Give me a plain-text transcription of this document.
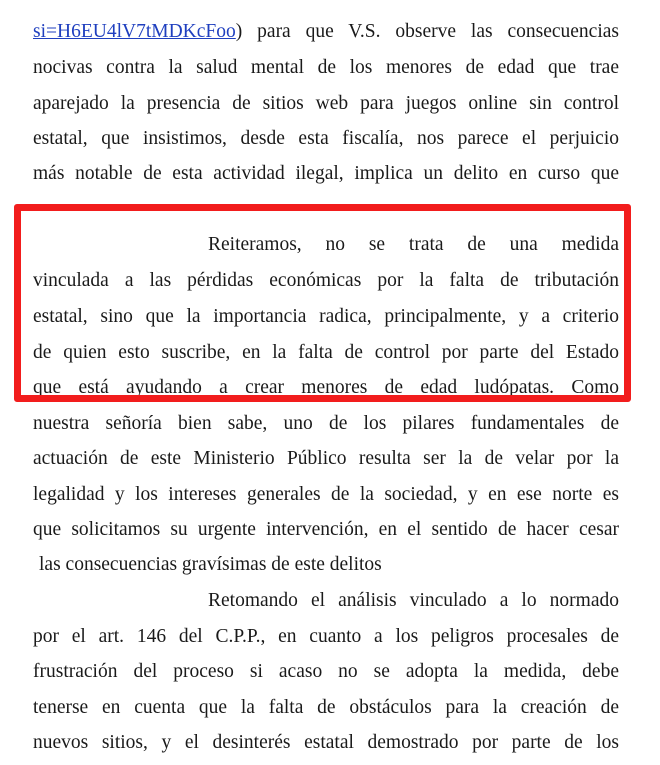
si=H6EU4lV7tMDKcFoo) para que V.S. observe las consecuencias
nocivas contra la salud mental de los menores de edad que trae
aparejado la presencia de sitios web para juegos online sin control
estatal, que insistimos, desde esta fiscalía, nos parece el perjuicio
más notable de esta actividad ilegal, implica un delito en curso que
Reiteramos, no se trata de una medida
vinculada a las pérdidas económicas por la falta de tributación
estatal, sino que la importancia radica, principalmente, y a criterio
de quien esto suscribe, en la falta de control por parte del Estado
que está ayudando a crear menores de edad ludópatas. Como
nuestra señoría bien sabe, uno de los pilares fundamentales de
actuación de este Ministerio Público resulta ser la de velar por la
legalidad y los intereses generales de la sociedad, y en ese norte es
que solicitamos su urgente intervención, en el sentido de hacer cesar
las consecuencias gravísimas de este delitos
Retomando el análisis vinculado a lo normado
por el art. 146 del C.P.P., en cuanto a los peligros procesales de
frustración del proceso si acaso no se adopta la medida, debe
tenerse en cuenta que la falta de obstáculos para la creación de
nuevos sitios, y el desinterés estatal demostrado por parte de los
